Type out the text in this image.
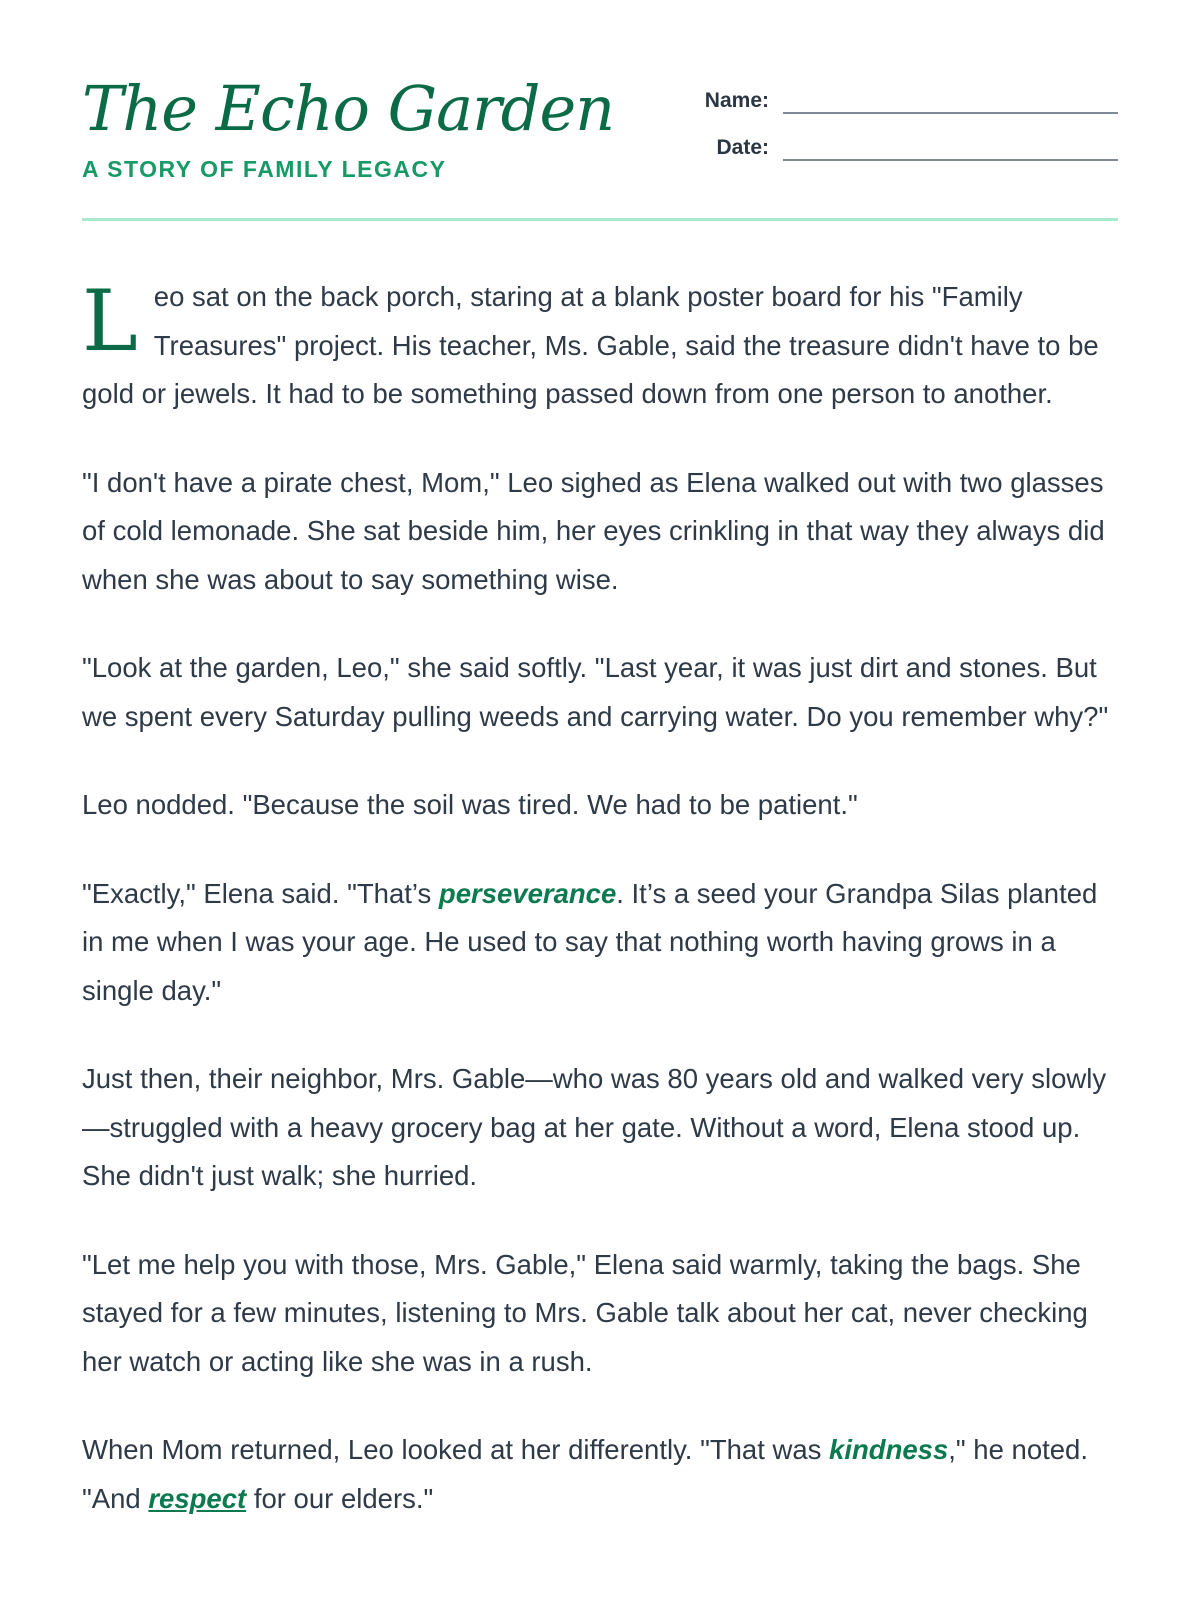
The Echo Garden
A STORY OF FAMILY LEGACY
Name:
Date:

Leo sat on the back porch, staring at a blank poster board for his "Family Treasures" project. His teacher, Ms. Gable, said the treasure didn't have to be gold or jewels. It had to be something passed down from one person to another.

"I don't have a pirate chest, Mom," Leo sighed as Elena walked out with two glasses of cold lemonade. She sat beside him, her eyes crinkling in that way they always did when she was about to say something wise.

"Look at the garden, Leo," she said softly. "Last year, it was just dirt and stones. But we spent every Saturday pulling weeds and carrying water. Do you remember why?"

Leo nodded. "Because the soil was tired. We had to be patient."

"Exactly," Elena said. "That’s perseverance. It’s a seed your Grandpa Silas planted in me when I was your age. He used to say that nothing worth having grows in a single day."

Just then, their neighbor, Mrs. Gable—who was 80 years old and walked very slowly—struggled with a heavy grocery bag at her gate. Without a word, Elena stood up. She didn't just walk; she hurried.

"Let me help you with those, Mrs. Gable," Elena said warmly, taking the bags. She stayed for a few minutes, listening to Mrs. Gable talk about her cat, never checking her watch or acting like she was in a rush.

When Mom returned, Leo looked at her differently. "That was kindness," he noted. "And respect for our elders."
